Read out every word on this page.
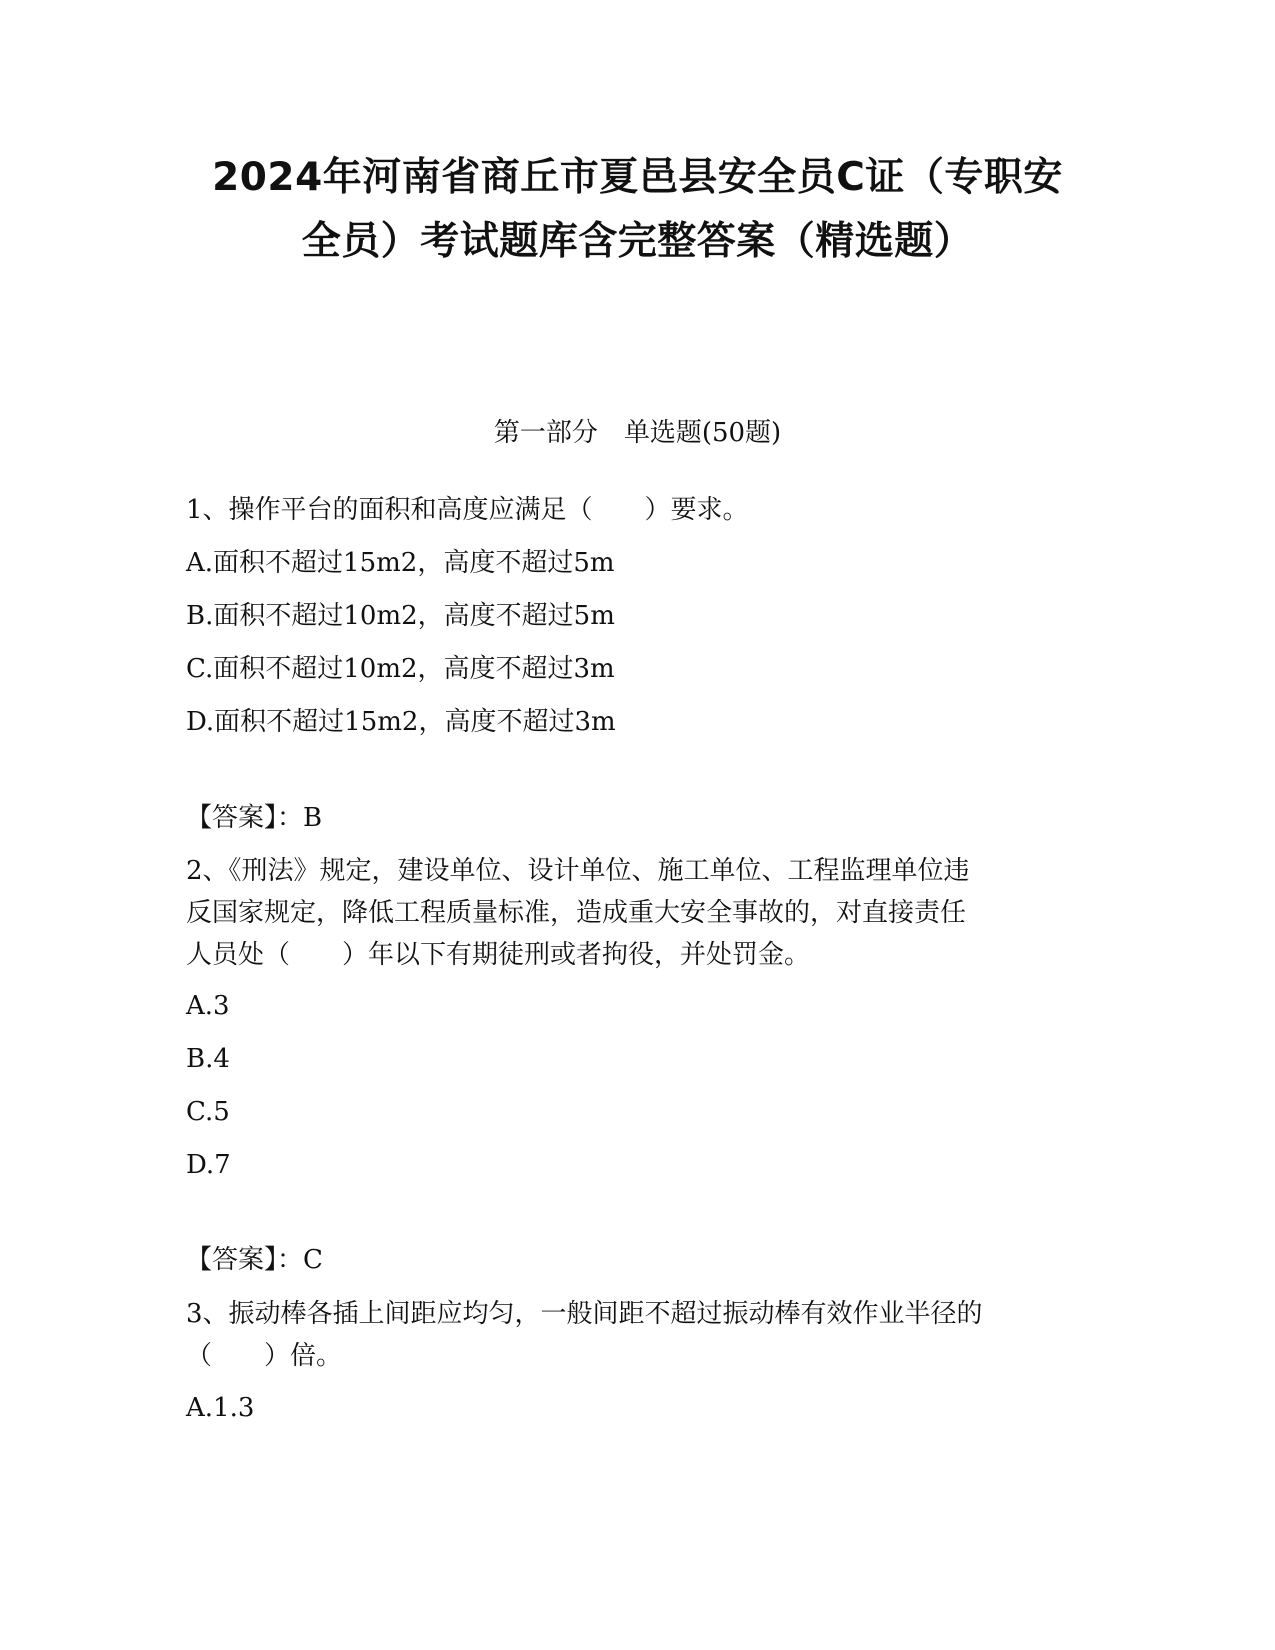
2024年河南省商丘市夏邑县安全员C证（专职安
全员）考试题库含完整答案（精选题）
第一部分　单选题(50题)
1、操作平台的面积和高度应满足（　　）要求。
A.面积不超过15m2，高度不超过5m
B.面积不超过10m2，高度不超过5m
C.面积不超过10m2，高度不超过3m
D.面积不超过15m2，高度不超过3m
【答案】：B
2、《刑法》规定，建设单位、设计单位、施工单位、工程监理单位违
反国家规定，降低工程质量标准，造成重大安全事故的，对直接责任
人员处（　　）年以下有期徒刑或者拘役，并处罚金。
A.3
B.4
C.5
D.7
【答案】：C
3、振动棒各插上间距应均匀，一般间距不超过振动棒有效作业半径的
（　　）倍。
A.1.3
